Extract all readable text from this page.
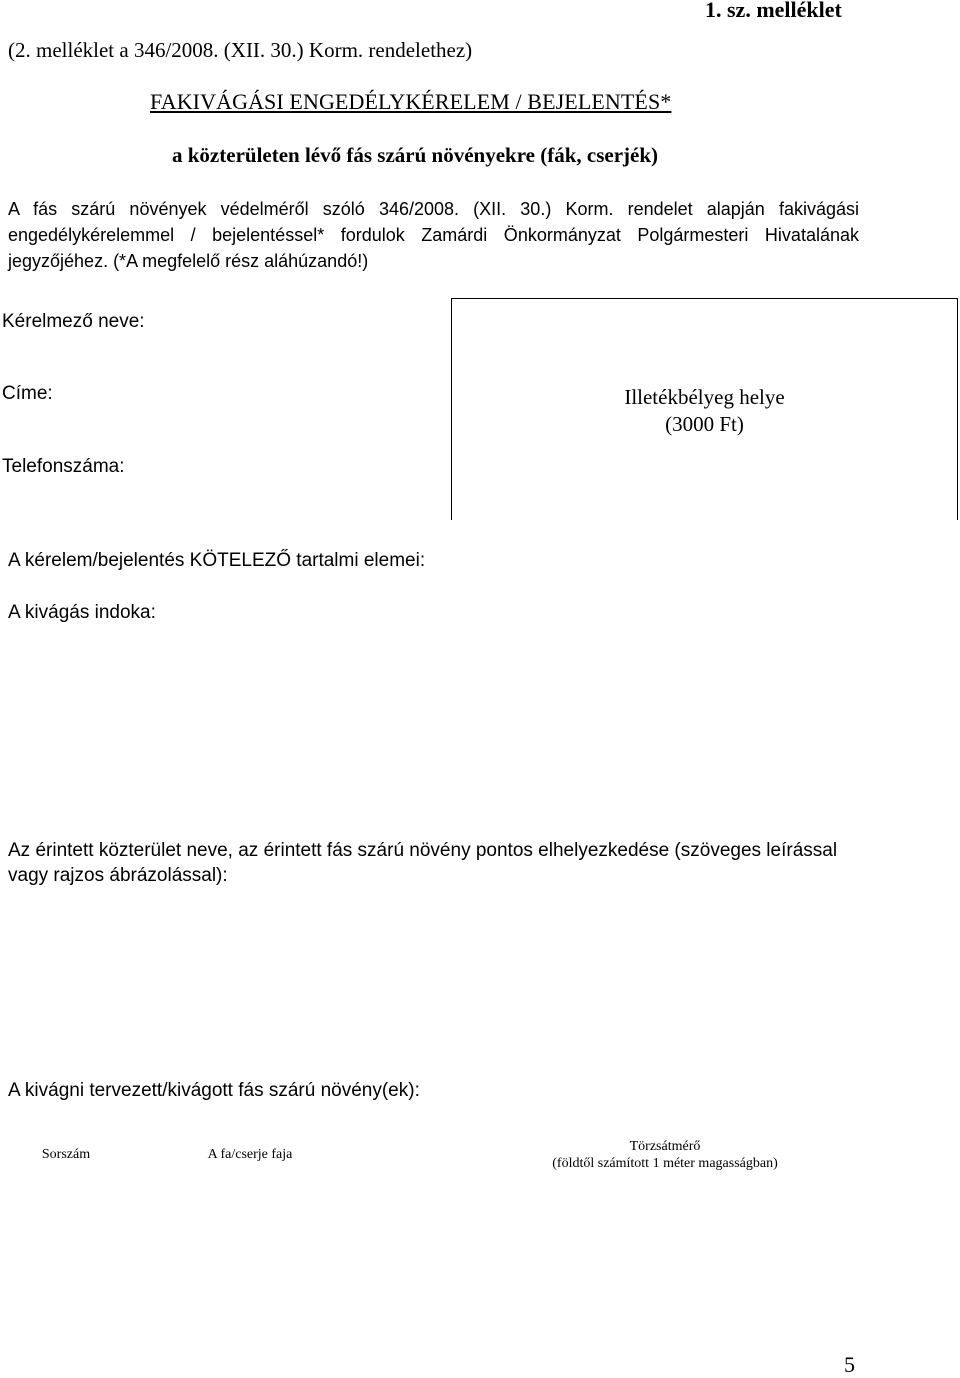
1. sz. melléklet
(2. melléklet a 346/2008. (XII. 30.) Korm. rendelethez)
FAKIVÁGÁSI ENGEDÉLYKÉRELEM / BEJELENTÉS*
a közterületen lévő fás szárú növényekre (fák, cserjék)
A fás szárú növények védelméről szóló 346/2008. (XII. 30.) Korm. rendelet alapján fakivágási engedélykérelemmel / bejelentéssel* fordulok Zamárdi Önkormányzat Polgármesteri Hivatalának jegyzőjéhez. (*A megfelelő rész aláhúzandó!)
Kérelmező neve:
Címe:
Telefonszáma:
Illetékbélyeg helye
(3000 Ft)
A kérelem/bejelentés KÖTELEZŐ tartalmi elemei:
A kivágás indoka:
Az érintett közterület neve, az érintett fás szárú növény pontos elhelyezkedése (szöveges leírással vagy rajzos ábrázolással):
A kivágni tervezett/kivágott fás szárú növény(ek):
Sorszám	A fa/cserje faja
Törzsátmérő
(földtől számított 1 méter magasságban)
5
